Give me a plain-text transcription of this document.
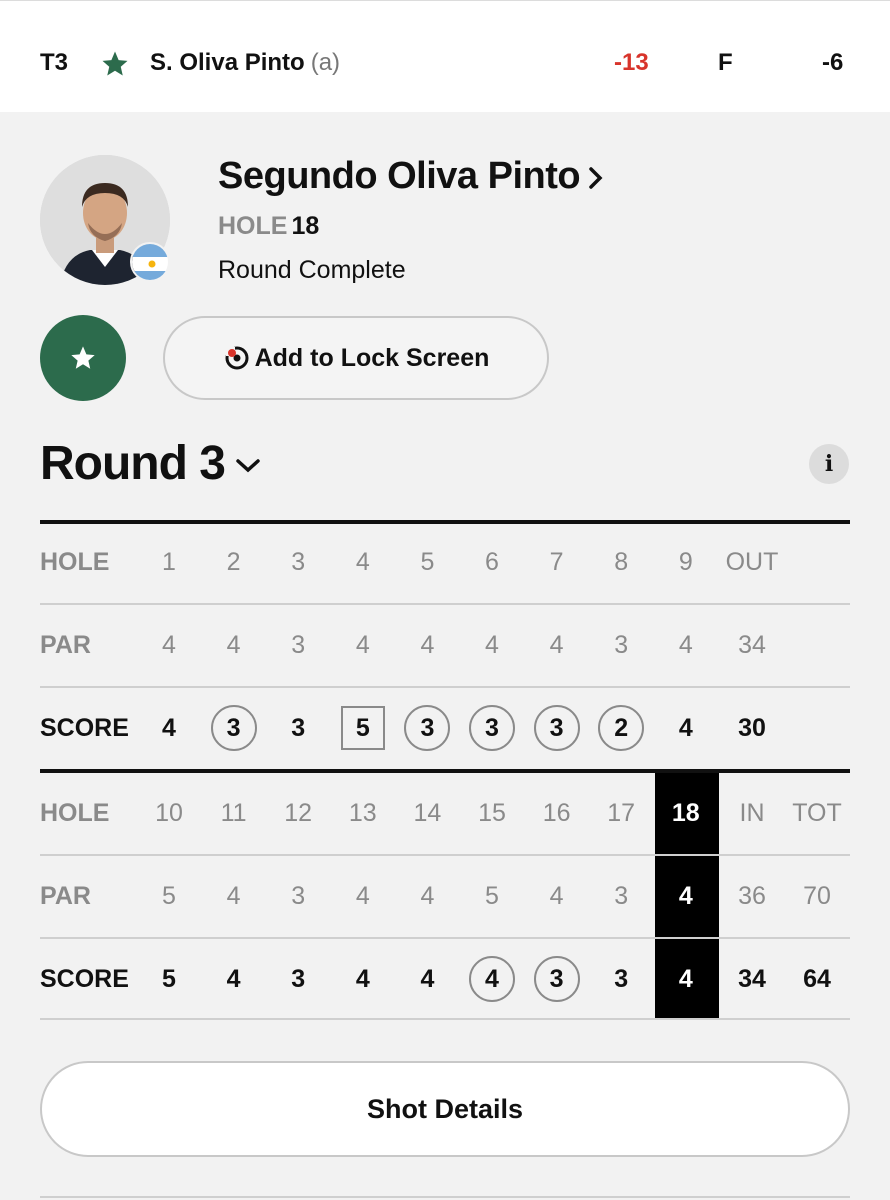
T3	S. Oliva Pinto (a)	-13	F	-6
Segundo Oliva Pinto
HOLE 18
Round Complete
Add to Lock Screen
Round 3	i
HOLE	1	2	3	4	5	6	7	8	9	OUT
PAR	4	4	3	4	4	4	4	3	4	34
SCORE	4	3	3	5	3	3	3	2	4	30
HOLE	10	11	12	13	14	15	16	17	18	IN	TOT
PAR	5	4	3	4	4	5	4	3	4	36	70
SCORE	5	4	3	4	4	4	3	3	4	34	64
Shot Details
